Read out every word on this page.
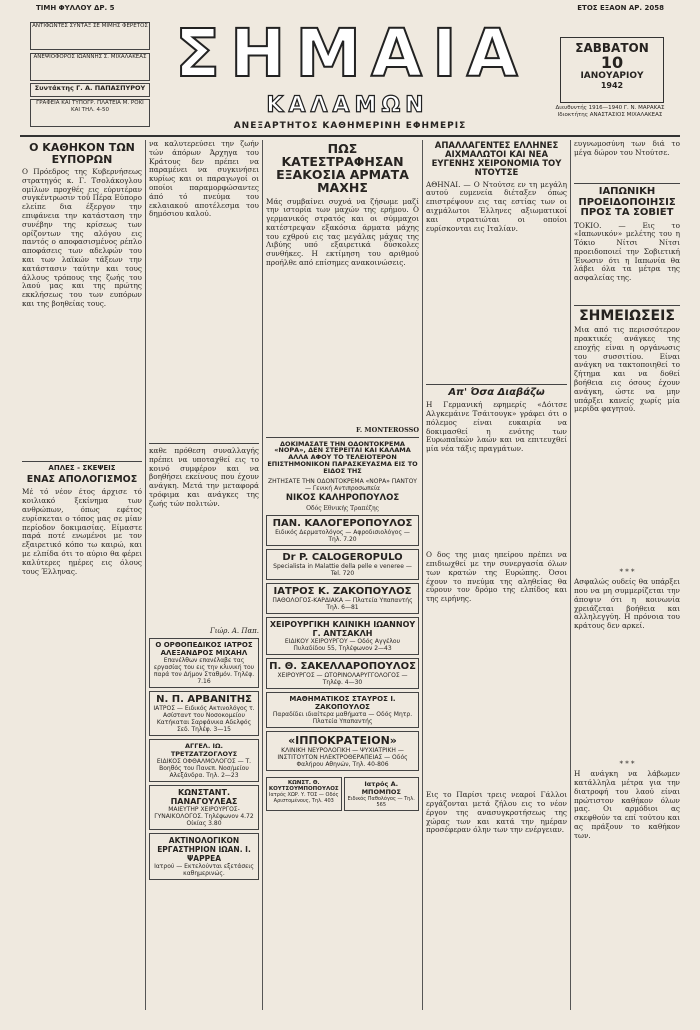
ΤΙΜΗ ΦΥΛΛΟΥ ΔΡ. 5	ΕΤΟΣ ΕΞΑΟΝ ΑΡ. 2058
ΑΝΤΙΦΩΝΤΕΣ ΣΥΝΤΑΞ ΣΕ ΜΙΜΗΣ ΦΕΡΕΤΟΣ
ΑΝΕΨΙΟΦΟΡΟΣ ΙΩΑΝΝΗΣ Σ. ΜΙΧΑΛΑΚΕΑΣ
Συντάκτης Γ. Α. ΠΑΠΑΣΠΥΡΟΥ
ΓΡΑΦΕΙΑ ΚΑΙ ΤΥΠΟΓΡ. ΠΛΑΤΕΙΑ Μ. ΡΟΚΙ ΚΑΙ ΤΗΛ. 4-50
ΣΗΜΑΙΑ
ΚΑΛΑΜΩΝ
ΑΝΕΞΑΡΤΗΤΟΣ ΚΑΘΗΜΕΡΙΝΗ ΕΦΗΜΕΡΙΣ
ΣΑΒΒΑΤΟΝ
10
ΙΑΝΟΥΑΡΙΟΥ
1942
Διευθυντής 1916—1940 Γ. Ν. ΜΑΡΑΚΑΣ
Ιδιοκτήτης ΑΝΑΣΤΑΣΙΟΣ ΜΙΧΑΛΑΚΕΑΣ
Ο ΚΑΘΗΚΟΝ ΤΩΝ ΕΥΠΟΡΩΝ

Ο Πρόεδρος της Κυβερνήσεως στρατηγός κ. Γ. Τσολάκογλου ομίλων προχθές εις εύρυτέραν συγκέντρωσιν τοΰ Πέρα Εύπορο ελείπε δια έξεργον την επιφάνεια την κατάσταση την συνέβην της κρίσεως των ορίζοντων της αλόγου εις παντός ο αποφασισμένος ρέπλο αποφάσεις των αδελφών του και των λαϊκών τάξεων την κατάστασιν ταύτην και τους άλλους τρόπους της ζωής του λαού μας και της πρώτης εκκλήσεως του των ευπόρων και της βοηθείας τους.

ΑΠΛΕΣ - ΣΚΕΨΕΙΣ
ΕΝΑΣ ΑΠΟΛΟΓΙΣΜΟΣ

Μέ τό νέον έτος άρχισε τό κοιλιακό ξεκίνημα των ανθρώπων, όπως εφέτος ευρίσκεται ο τόπος μας σε μίαν περίοδον δοκιμασίας. Είμαστε παρά ποτέ ενωμένοι με τον εξαιρετικό κόπο τω καιρώ, και με ελπίδα ότι το αύριο θα φέρει καλύτερες ημέρες εις όλους τους Έλληνας.

να καλυτερεύσει την ζωήν τών άπόρων Άρχηγα του Κράτους δεν πρέπει να παραμένει να συγκινήσει κυρίως και οι παραγωγοί οι οποίοι παραμορφώσαντες άπό τό πνεύμα του εκλαιακού αποτέλεσμα του δημόσιου καλού.

καθε πρόθεση συναλλαγής πρέπει να υποταχθεί εις το κοινό συμφέρον και να βοηθήσει εκείνους που έχουν ανάγκη. Μετά την μεταφορά τρόφιμα και ανάγκες της ζωής τών πολιτών.

Γιώρ. Α. Παπ.
Ο ΟΡΘΟΠΕΔΙΚΟΣ ΙΑΤΡΟΣ ΑΛΕΞΑΝΔΡΟΣ ΜΙΧΑΗΛ
Επανέλθων επανέλαβε τας εργασίας του εις την κλινική του παρά τον Δήμον Σταθμόν. Τηλέφ. 7.16
Ν. Π. ΑΡΒΑΝΙΤΗΣ
ΙΑΤΡΟΣ — Ειδικός Ακτινολόγος τ. Ασίσταντ του Νοσοκομείου Κατήκαται Σαρφάνικα Αδελφός Σεδ. Τηλέφ. 3—15
ΑΓΓΕΛ. ΙΩ. ΤΡΕΤΖΑΤΖΟΓΛΟΥΣ
ΕΙΔΙΚΟΣ ΟΦΘΑΛΜΟΛΟΓΟΣ — Τ. Βοηθός του Πανεπ. Νοσ/μείου Αλεξάνδρα. Τηλ. 2—23
ΚΩΝΣΤΑΝΤ. ΠΑΝΑΓΟΥΛΕΑΣ
ΜΑΙΕΥΤΗΡ ΧΕΙΡΟΥΡΓΟΣ-ΓΥΝΑΙΚΟΛΟΓΟΣ. Τηλέφωνον 4.72 Οίκίας 3.80
ΑΚΤΙΝΟΛΟΓΙΚΟΝ ΕΡΓΑΣΤΗΡΙΟΝ ΙΩΑΝ. Ι. ΨΑΡΡΕΑ
Ιατρού — Εκτελούνται εξετάσεις καθημερινώς.
ΠΩΣ ΚΑΤΕΣΤΡΑΦΗΣΑΝ ΕΞΑΚΟΣΙΑ ΑΡΜΑΤΑ ΜΑΧΗΣ

Μάς συμβαίνει συχνά να ζήσωμε μαζί την ιστορία των μαχών της ερήμου. Ο γερμανικός στρατός και οι σύμμαχοι κατέστρεψαν εξακόσια άρματα μάχης του εχθρού εις τας μεγάλας μάχας της Λιβύης υπό εξαιρετικά δύσκολες συνθήκες. Η εκτίμηση του αριθμού προήλθε από επίσημες ανακοινώσεις.

F. MONTEROSSO
ΔΟΚΙΜΑΣΑΤΕ ΤΗΝ ΟΔΟΝΤΟΚΡΕΜΑ «ΝΟΡΑ», ΔΕΝ ΣΤΕΡΕΙΤΑΙ ΚΑΙ ΚΑΛΑΜΑ ΑΛΛΑ ΑΦΟΥ ΤΟ ΤΕΛΕΙΟΤΕΡΟΝ ΕΠΙΣΤΗΜΟΝΙΚΟΝ ΠΑΡΑΣΚΕΥΑΣΜΑ ΕΙΣ ΤΟ ΕΙΔΟΣ ΤΗΣ
ΖΗΤΗΣΑΤΕ ΤΗΝ ΟΔΟΝΤΟΚΡΕΜΑ «ΝΟΡΑ» ΠΑΝΤΟΥ — Γενική Αντιπροσωπεία
ΝΙΚΟΣ ΚΑΛΗΡΟΠΟΥΛΟΣ
Οδός Εθνικής Τραπέζης
ΠΑΝ. ΚΑΛΟΓΕΡΟΠΟΥΛΟΣ
Ειδικός Δερματολόγος — Αφροδισιολόγος — Τηλ. 7.20
Dr P. CALOGEROPULO
Specialista in Malattie della pelle e veneree — Tel. 720
ΙΑΤΡΟΣ Κ. ΖΑΚΟΠΟΥΛΟΣ
ΠΑΘΟΛΟΓΟΣ-ΚΑΡΔΙΑΚΑ — Πλατεία Υπαπαντής Τηλ. 6—81
ΧΕΙΡΟΥΡΓΙΚΗ ΚΛΙΝΙΚΗ ΙΩΑΝΝΟΥ Γ. ΑΝΤΣΑΚΛΗ
ΕΙΔΙΚΟΥ ΧΕΙΡΟΥΡΓΟΥ — Οδός Αγγέλου Πυλαδίδου 55, Τηλέφωνον 2—43
Π. Θ. ΣΑΚΕΛΛΑΡΟΠΟΥΛΟΣ
ΧΕΙΡΟΥΡΓΟΣ — ΩΤΟΡΙΝΟΛΑΡΥΓΓΟΛΟΓΟΣ — Τηλέφ. 4—30
ΜΑΘΗΜΑΤΙΚΟΣ ΣΤΑΥΡΟΣ Ι. ΖΑΚΟΠΟΥΛΟΣ
Παραδίδει ιδιαίτερα μαθήματα — Οδός Μητρ. Πλατεία Υπαπαντής
«ΙΠΠΟΚΡΑΤΕΙΟΝ»
ΚΛΙΝΙΚΗ ΝΕΥΡΟΛΟΓΙΚΗ — ΨΥΧΙΑΤΡΙΚΗ — ΙΝΣΤΙΤΟΥΤΟΝ ΗΛΕΚΤΡΟΘΕΡΑΠΕΙΑΣ — Οδός Φαλήρου Αθηνών, Τηλ. 40-806
ΚΩΝΣΤ. Θ. ΚΟΥΤΣΟΥΜΠΟΠΟΥΛΟΣ
Ιατρός ΧΩΡ. Υ. ΤΟΣ — Οδός Αριστομένους, Τηλ. 403
Ιατρός Α. ΜΠΟΜΠΟΣ
Ειδικός Παθολόγος — Τηλ. 565
ΑΠΑΛΛΑΓΕΝΤΕΣ ΕΛΛΗΝΕΣ ΑΙΧΜΑΛΩΤΟΙ ΚΑΙ ΝΕΑ ΕΥΓΕΝΗΣ ΧΕΙΡΟΝΟΜΙΑ ΤΟΥ ΝΤΟΥΤΣΕ

ΑΘΗΝΑΙ. — Ο Ντούτσε εν τη μεγάλη αυτού ευμενεία διέταξεν όπως επιστρέψουν εις τας εστίας των οι αιχμάλωτοι Έλληνες αξιωματικοί και στρατιώται οι οποίοι ευρίσκονται εις Ιταλίαν.

Απ' Όσα Διαβάζω

Η Γερμανική εφημερίς «Δόιτσε Αλγκεμάινε Τσάιτουγκ» γράφει ότι ο πόλεμος είναι ευκαιρία να δοκιμασθεί η ενότης των Ευρωπαϊκών λαών και να επιτευχθεί μία νέα τάξις πραγμάτων.

Ο δος της μιας ηπείρου πρέπει να επιδιωχθεί με την συνεργασία όλων των κρατών της Ευρώπης. Όσοι έχουν το πνεύμα της αληθείας θα εύρουν τον δρόμο της ελπίδος και της ειρήνης.

Εις το Παρίσι τρεις νεαροί Γάλλοι εργάζονται μετά ζήλου εις το νέον έργον της ανασυγκροτήσεως της χώρας των και κατά την ημέραν προσέφεραν όλην των την ενέργειαν.

ευγνωμοσύνη των διά το μέγα δώρον του Ντούτσε.

ΙΑΠΩΝΙΚΗ ΠΡΟΕΙΔΟΠΟΙΗΣΙΣ ΠΡΟΣ ΤΑ ΣΟΒΙΕΤ

ΤΟΚΙΟ. — Εις το «Ιαπωνικόν» μελέτης του η Τόκιο Νίτσι Νίτσι προειδοποιεί την Σοβιετική Ένωσιν ότι η Ιαπωνία θα λάβει όλα τα μέτρα της ασφαλείας της.

ΣΗΜΕΙΩΣΕΙΣ

Μια από τις περισσότερον πρακτικές ανάγκες της εποχής είναι η οργάνωσις του συσσιτίου. Είναι ανάγκη να τακτοποιηθεί το ζήτημα και να δοθεί βοήθεια εις όσους έχουν ανάγκη, ώστε να μην υπάρξει κανείς χωρίς μία μερίδα φαγητού.

* * *

Ασφαλώς ουδείς θα υπάρξει που να μη συμμερίζεται την άποψιν ότι η κοινωνία χρειάζεται βοήθεια και αλληλεγγύη. Η πρόνοια του κράτους δεν αρκεί.

* * *

Η ανάγκη να λάβωμεν κατάλληλα μέτρα για την διατροφή του λαού είναι πρώτιστον καθήκον όλων μας. Οι αρμόδιοι ας σκεφθούν τα επί τούτου και ας πράξουν το καθήκον των.
